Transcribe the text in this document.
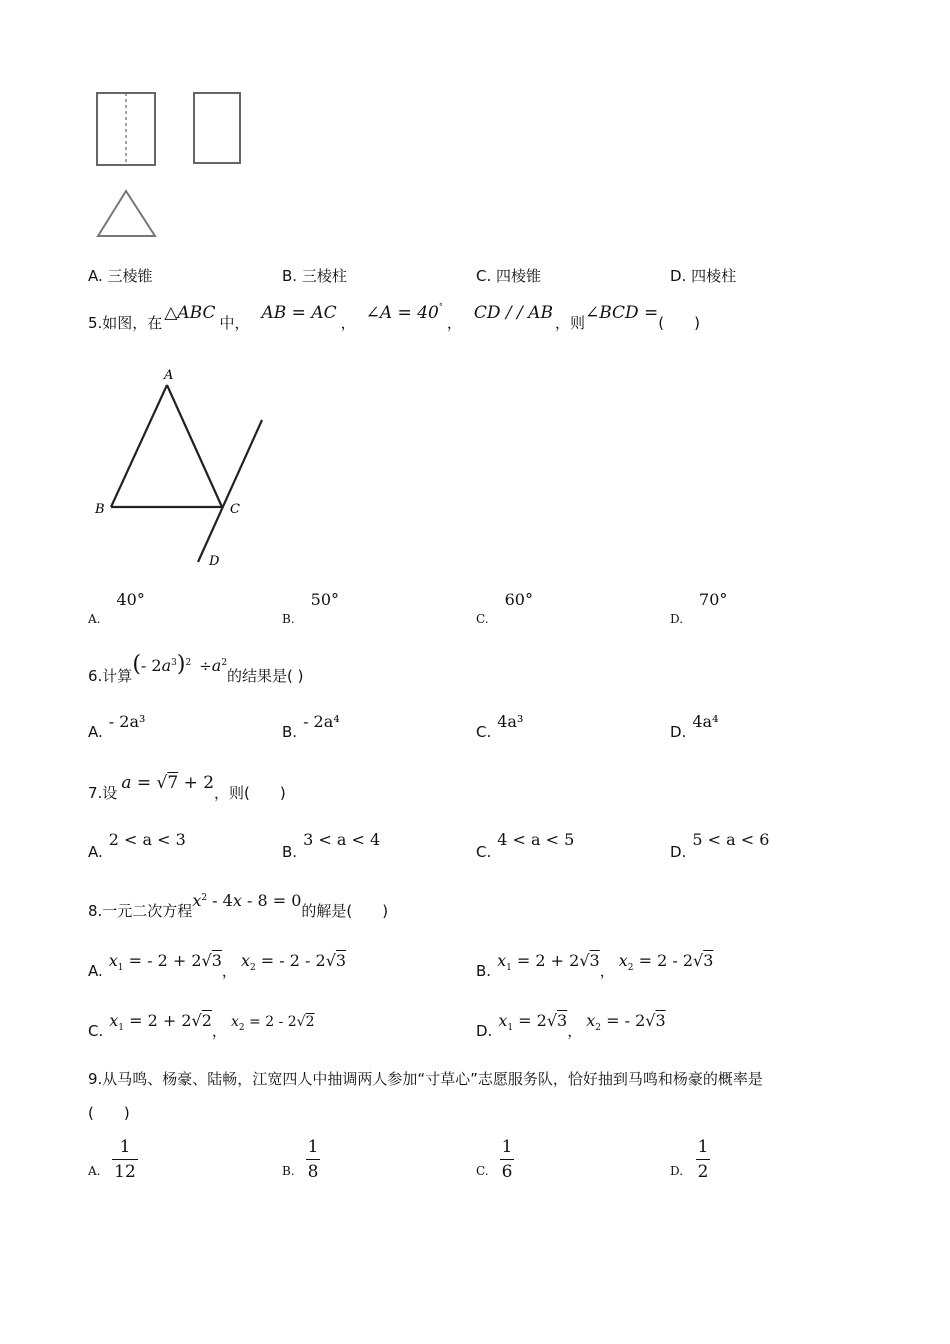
A. 三棱锥	B. 三棱柱	C. 四棱锥	D. 四棱柱
5.如图，在 △ABC 中， AB = AC ， ∠A = 40°， CD / / AB ，则∠BCD =(　　)
A
B	C
D
$_{A.}$40°
$_{B.}$50°
$_{C.}$60°
$_{D.}$70°
6.计算(- $2a^3)^2 \div a^2$的结果是( )
A.- 2a³
B.- 2a⁴
C.4a³
D.4a⁴
7.设 a = √7 + 2，则(　　)
A.2 < a < 3
B.3 < a < 4
C.4 < a < 5
D.5 < a < 6
8.一元二次方程$x^2 - 4x - 8 = 0$的解是(　　)
$A.x_1$ = - 2 + 2√3，$x_2$ = - 2 - 2√3
$B.x_1 = 2 + 2√3$，$x_2 = 2 - 2√3$
$C.x_1 = 2 + 2√2$， $x_2 = 2 - 2√2$	$D.x_1 = 2√3$，$x_2$ = - 2√3
9.从马鸣、杨豪、陆畅，江宽四人中抽调两人参加“寸草心”志愿服务队，恰好抽到马鸣和杨豪的概率是
(　　)
A.
1
12	B.
1
8	C.
1
6	D.
1
2
